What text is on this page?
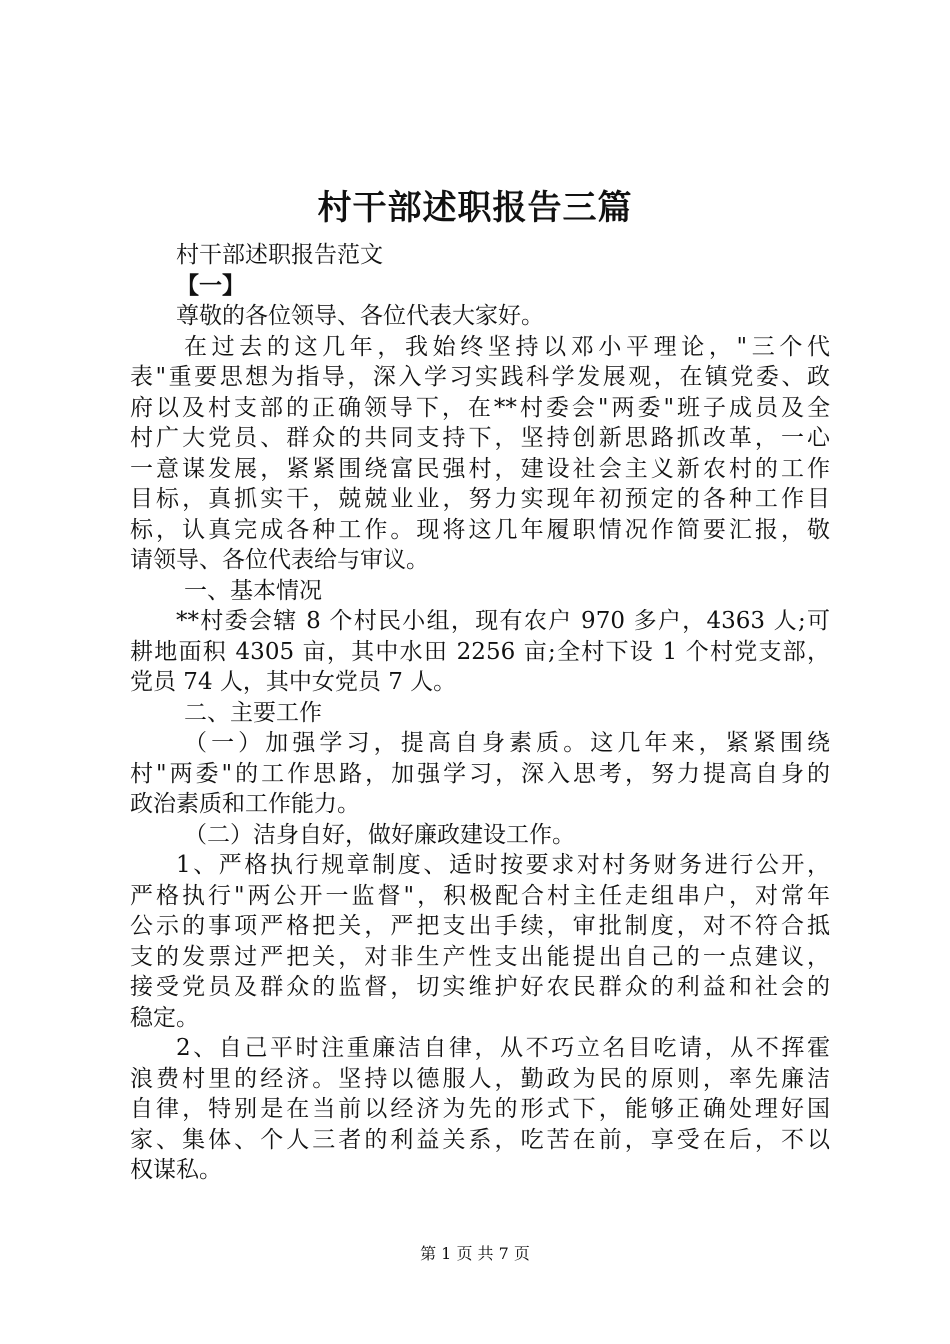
村干部述职报告三篇
村干部述职报告范文
【一】
尊敬的各位领导、各位代表大家好。
在过去的这几年，我始终坚持以邓小平理论，"三个代
表"重要思想为指导，深入学习实践科学发展观，在镇党委、政
府以及村支部的正确领导下，在**村委会"两委"班子成员及全
村广大党员、群众的共同支持下，坚持创新思路抓改革，一心
一意谋发展，紧紧围绕富民强村，建设社会主义新农村的工作
目标，真抓实干，兢兢业业，努力实现年初预定的各种工作目
标，认真完成各种工作。现将这几年履职情况作简要汇报，敬
请领导、各位代表给与审议。
一、基本情况
**村委会辖 8 个村民小组，现有农户 970 多户，4363 人;可
耕地面积 4305 亩，其中水田 2256 亩;全村下设 1 个村党支部，
党员 74 人，其中女党员 7 人。
二、主要工作
（一）加强学习，提高自身素质。这几年来，紧紧围绕
村"两委"的工作思路，加强学习，深入思考，努力提高自身的
政治素质和工作能力。
（二）洁身自好，做好廉政建设工作。
1、严格执行规章制度、适时按要求对村务财务进行公开，
严格执行"两公开一监督"，积极配合村主任走组串户，对常年
公示的事项严格把关，严把支出手续，审批制度，对不符合抵
支的发票过严把关，对非生产性支出能提出自己的一点建议，
接受党员及群众的监督，切实维护好农民群众的利益和社会的
稳定。
2、自己平时注重廉洁自律，从不巧立名目吃请，从不挥霍
浪费村里的经济。坚持以德服人，勤政为民的原则，率先廉洁
自律，特别是在当前以经济为先的形式下，能够正确处理好国
家、集体、个人三者的利益关系，吃苦在前，享受在后，不以
权谋私。
第 1 页 共 7 页
